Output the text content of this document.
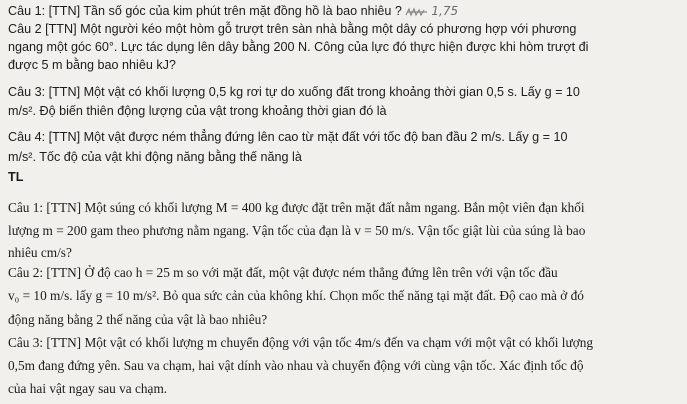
Câu 1: [TTN] Tần số góc của kim phút trên mặt đồng hồ là bao nhiêu ? 1,75
Câu 2 [TTN] Một người kéo một hòm gỗ trượt trên sàn nhà bằng một dây có phương hợp với phương
ngang một góc 60°. Lực tác dụng lên dây bằng 200 N. Công của lực đó thực hiện được khi hòm trượt đi
được 5 m bằng bao nhiêu kJ?
Câu 3: [TTN] Một vật có khối lượng 0,5 kg rơi tự do xuống đất trong khoảng thời gian 0,5 s. Lấy g = 10
m/s². Độ biến thiên động lượng của vật trong khoảng thời gian đó là
Câu 4: [TTN] Một vật được ném thẳng đứng lên cao từ mặt đất với tốc độ ban đầu 2 m/s. Lấy g = 10
m/s². Tốc độ của vật khi động năng bằng thế năng là
TL
Câu 1: [TTN] Một súng có khối lượng M = 400 kg được đặt trên mặt đất nằm ngang. Bắn một viên đạn khối
lượng m = 200 gam theo phương nằm ngang. Vận tốc của đạn là v = 50 m/s. Vận tốc giật lùi của súng là bao
nhiêu cm/s?
Câu 2: [TTN] Ở độ cao h = 25 m so với mặt đất, một vật được ném thẳng đứng lên trên với vận tốc đầu
v₀ = 10 m/s. lấy g = 10 m/s². Bỏ qua sức cản của không khí. Chọn mốc thế năng tại mặt đất. Độ cao mà ở đó
động năng bằng 2 thế năng của vật là bao nhiêu?
Câu 3: [TTN] Một vật có khối lượng m chuyển động với vận tốc 4m/s đến va chạm với một vật có khối lượng
0,5m đang đứng yên. Sau va chạm, hai vật dính vào nhau và chuyển động với cùng vận tốc. Xác định tốc độ
của hai vật ngay sau va chạm.
